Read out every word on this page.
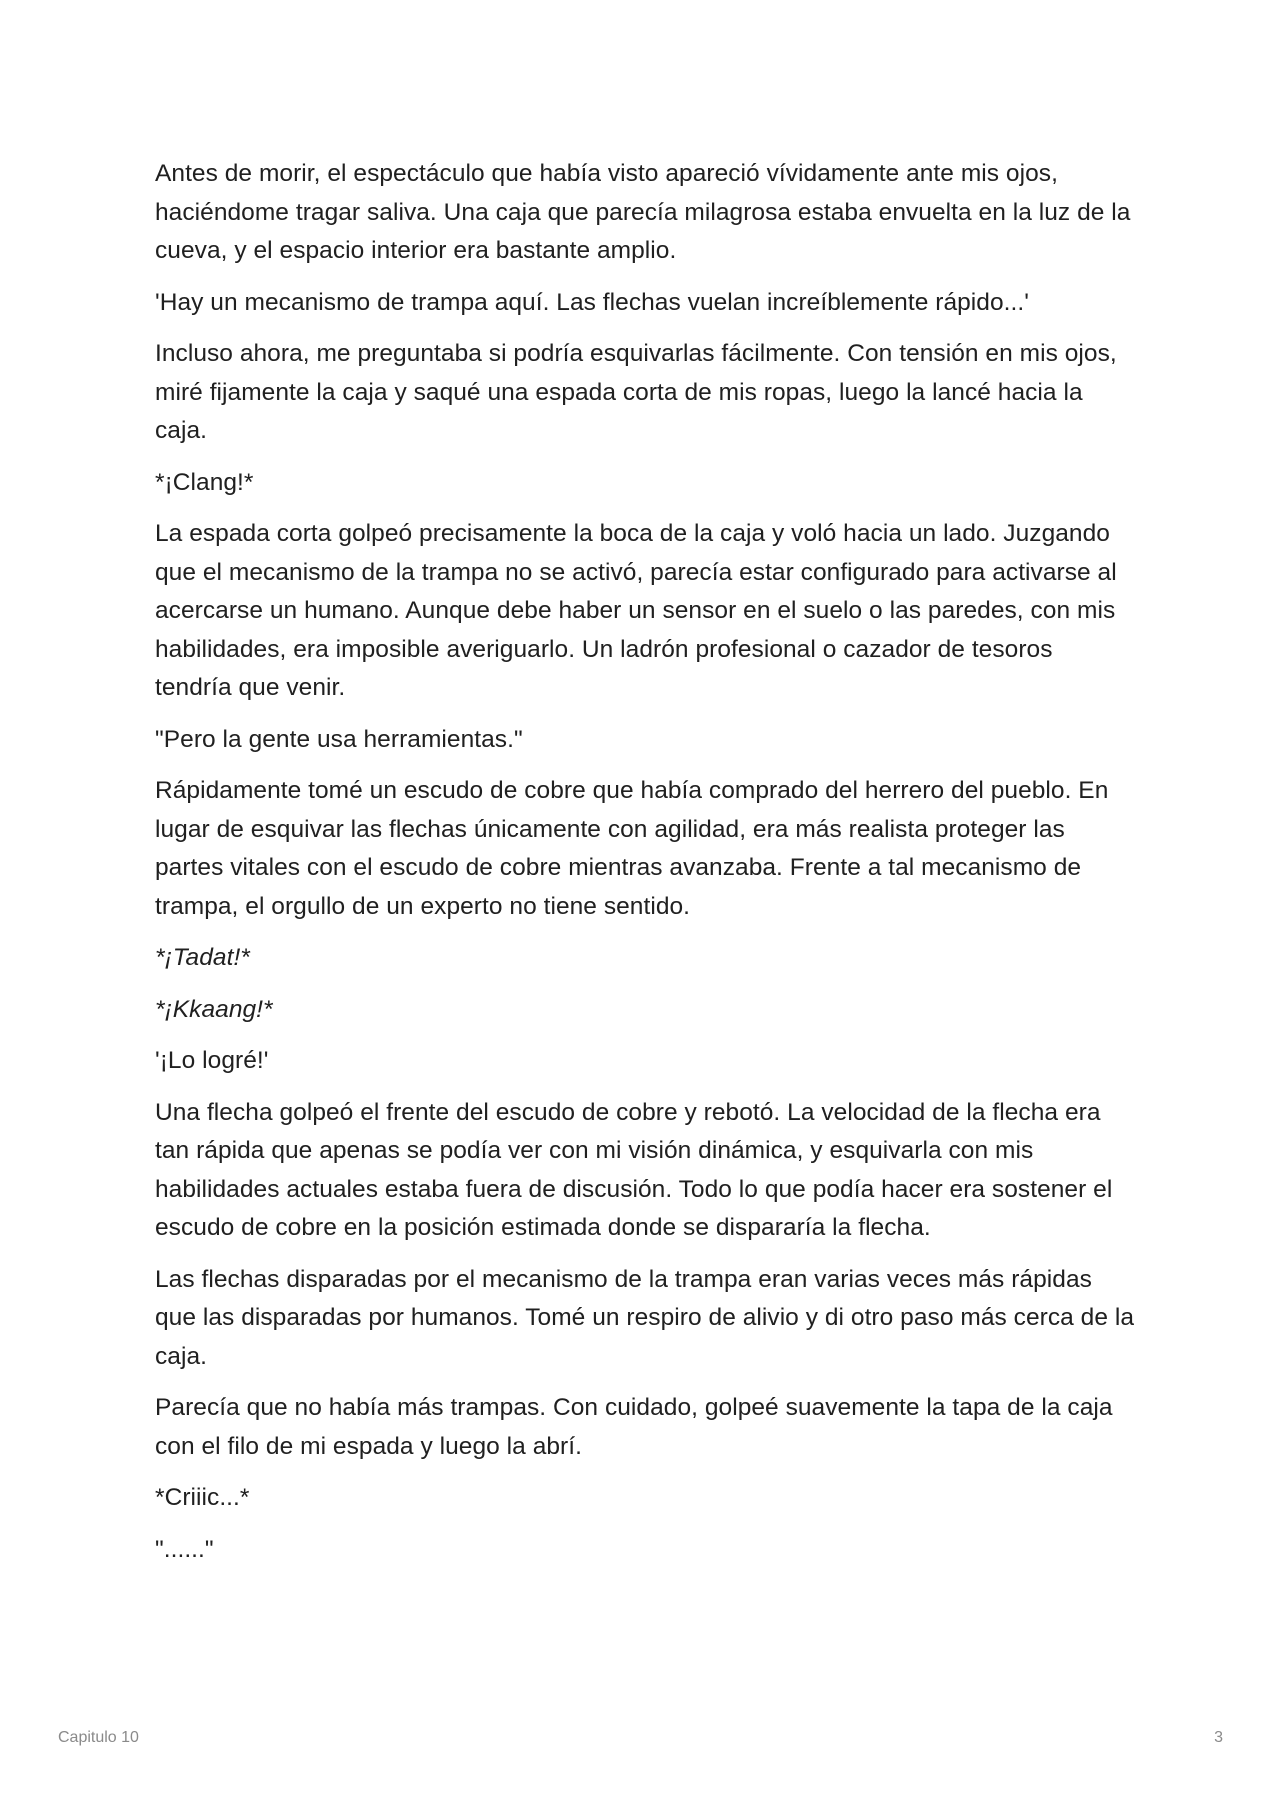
Antes de morir, el espectáculo que había visto apareció vívidamente ante mis ojos, haciéndome tragar saliva. Una caja que parecía milagrosa estaba envuelta en la luz de la cueva, y el espacio interior era bastante amplio.

'Hay un mecanismo de trampa aquí. Las flechas vuelan increíblemente rápido...'

Incluso ahora, me preguntaba si podría esquivarlas fácilmente. Con tensión en mis ojos, miré fijamente la caja y saqué una espada corta de mis ropas, luego la lancé hacia la caja.

*¡Clang!*

La espada corta golpeó precisamente la boca de la caja y voló hacia un lado. Juzgando que el mecanismo de la trampa no se activó, parecía estar configurado para activarse al acercarse un humano. Aunque debe haber un sensor en el suelo o las paredes, con mis habilidades, era imposible averiguarlo. Un ladrón profesional o cazador de tesoros tendría que venir.

"Pero la gente usa herramientas."

Rápidamente tomé un escudo de cobre que había comprado del herrero del pueblo. En lugar de esquivar las flechas únicamente con agilidad, era más realista proteger las partes vitales con el escudo de cobre mientras avanzaba. Frente a tal mecanismo de trampa, el orgullo de un experto no tiene sentido.

*¡Tadat!*

*¡Kkaang!*

'¡Lo logré!'

Una flecha golpeó el frente del escudo de cobre y rebotó. La velocidad de la flecha era tan rápida que apenas se podía ver con mi visión dinámica, y esquivarla con mis habilidades actuales estaba fuera de discusión. Todo lo que podía hacer era sostener el escudo de cobre en la posición estimada donde se dispararía la flecha.

Las flechas disparadas por el mecanismo de la trampa eran varias veces más rápidas que las disparadas por humanos. Tomé un respiro de alivio y di otro paso más cerca de la caja.

Parecía que no había más trampas. Con cuidado, golpeé suavemente la tapa de la caja con el filo de mi espada y luego la abrí.

*Criiic...*

"......"

Capitulo 10	3
